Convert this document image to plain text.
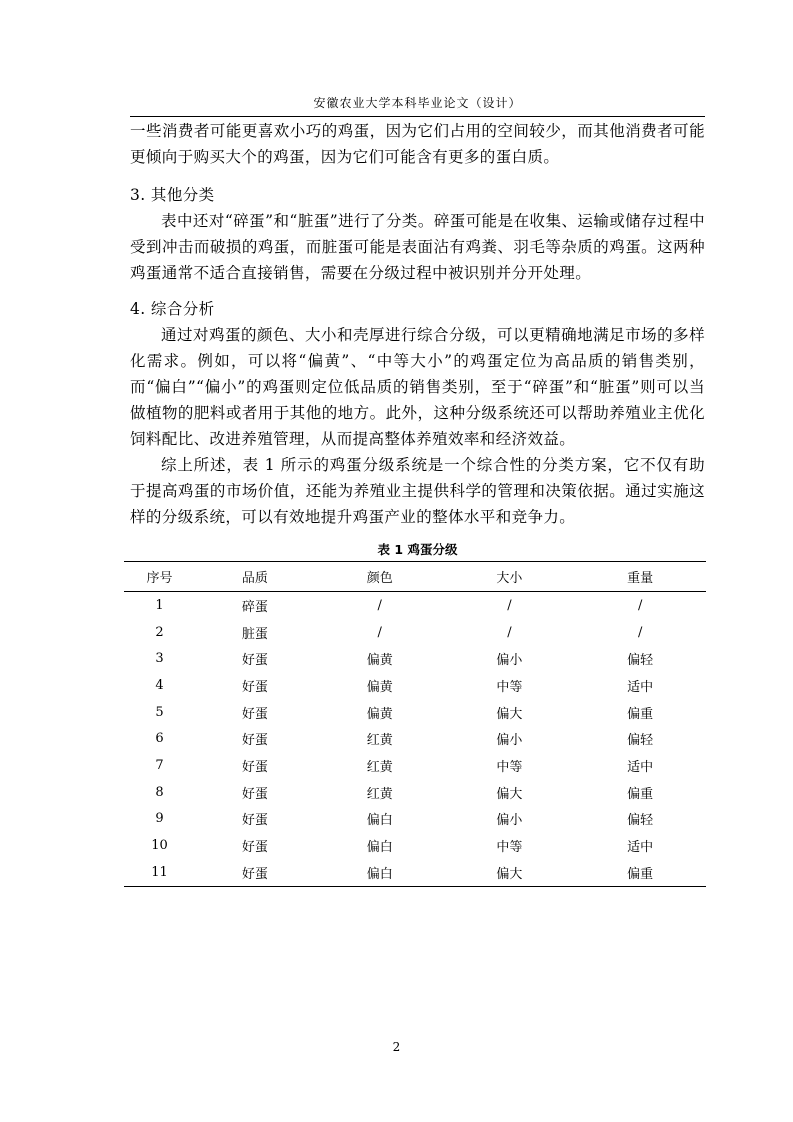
安徽农业大学本科毕业论文（设计）

一些消费者可能更喜欢小巧的鸡蛋，因为它们占用的空间较少，而其他消费者可能更倾向于购买大个的鸡蛋，因为它们可能含有更多的蛋白质。

3. 其他分类

表中还对“碎蛋”和“脏蛋”进行了分类。碎蛋可能是在收集、运输或储存过程中受到冲击而破损的鸡蛋，而脏蛋可能是表面沾有鸡粪、羽毛等杂质的鸡蛋。这两种鸡蛋通常不适合直接销售，需要在分级过程中被识别并分开处理。

4. 综合分析

通过对鸡蛋的颜色、大小和壳厚进行综合分级，可以更精确地满足市场的多样化需求。例如，可以将“偏黄”、“中等大小”的鸡蛋定位为高品质的销售类别，而“偏白”“偏小”的鸡蛋则定位低品质的销售类别，至于“碎蛋”和“脏蛋”则可以当做植物的肥料或者用于其他的地方。此外，这种分级系统还可以帮助养殖业主优化饲料配比、改进养殖管理，从而提高整体养殖效率和经济效益。

综上所述，表 1 所示的鸡蛋分级系统是一个综合性的分类方案，它不仅有助于提高鸡蛋的市场价值，还能为养殖业主提供科学的管理和决策依据。通过实施这样的分级系统，可以有效地提升鸡蛋产业的整体水平和竞争力。

表 1 鸡蛋分级
序号	品质	颜色	大小	重量
1	碎蛋	/	/	/
2	脏蛋	/	/	/
3	好蛋	偏黄	偏小	偏轻
4	好蛋	偏黄	中等	适中
5	好蛋	偏黄	偏大	偏重
6	好蛋	红黄	偏小	偏轻
7	好蛋	红黄	中等	适中
8	好蛋	红黄	偏大	偏重
9	好蛋	偏白	偏小	偏轻
10	好蛋	偏白	中等	适中
11	好蛋	偏白	偏大	偏重
2
